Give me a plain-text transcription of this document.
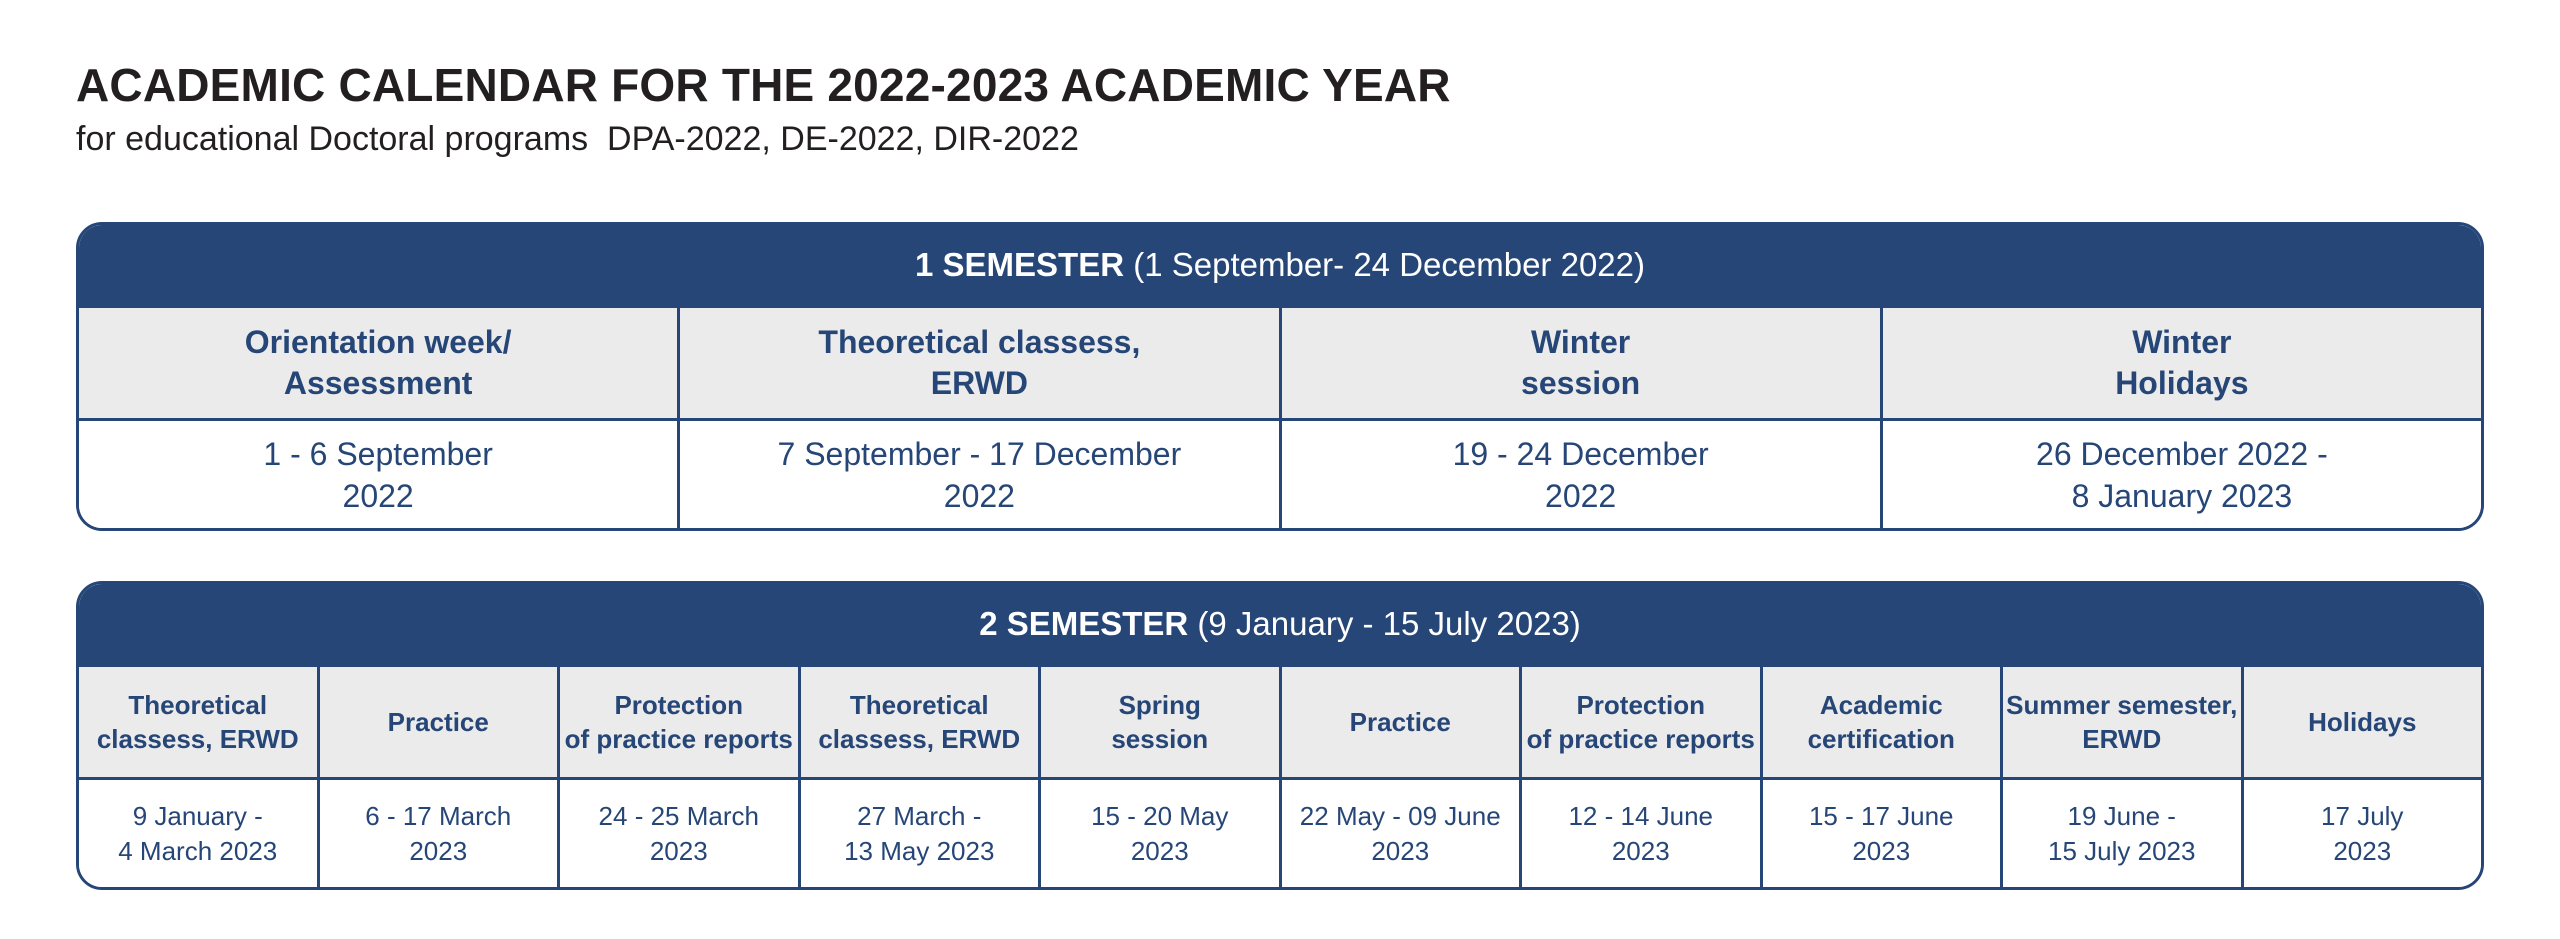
ACADEMIC CALENDAR FOR THE 2022-2023 ACADEMIC YEAR
for educational Doctoral programs  DPA-2022, DE-2022, DIR-2022
1 SEMESTER (1 September- 24 December 2022)
Orientation week/
Assessment
Theoretical classess,
ERWD
Winter
session
Winter
Holidays
1 - 6 September
2022
7 September - 17 December
2022
19 - 24 December
2022
26 December 2022 -
8 January 2023
2 SEMESTER (9 January - 15 July 2023)
Theoretical
classess, ERWD
Practice
Protection
of practice reports
Theoretical
classess, ERWD
Spring
session
Practice
Protection
of practice reports
Academic
certification
Summer semester,
ERWD
Holidays
9 January -
4 March 2023
6 - 17 March
2023
24 - 25 March
2023
27 March -
13 May 2023
15 - 20 May
2023
22 May - 09 June
2023
12 - 14 June
2023
15 - 17 June
2023
19 June -
15 July 2023
17 July
2023
